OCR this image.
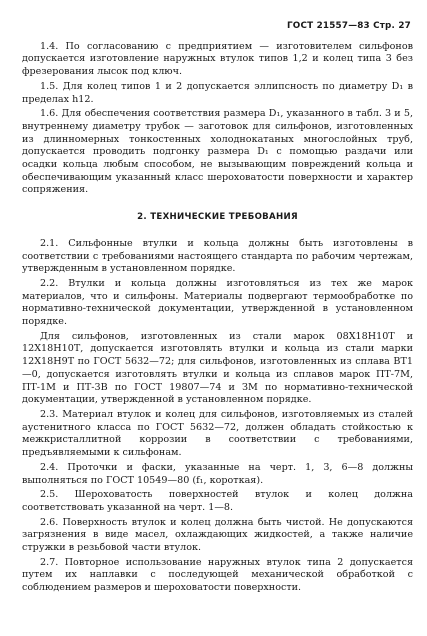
ГОСТ 21557—83 Стр. 27

1.4. По согласованию с предприятием — изготовителем сильфонов допускается изготовление наружных втулок типов 1,2 и колец типа 3 без фрезерования лысок под ключ.

1.5. Для колец типов 1 и 2 допускается эллипсность по диаметру D₁ в пределах h12.

1.6. Для обеспечения соответствия размера D₁, указанного в табл. 3 и 5, внутреннему диаметру трубок — заготовок для сильфонов, изготовленных из длинномерных тонкостенных холоднокатаных многослойных труб, допускается проводить подгонку размера D₁ с помощью раздачи или осадки кольца любым способом, не вызывающим повреждений кольца и обеспечивающим указанный класс шероховатости поверхности и характер сопряжения.

2. ТЕХНИЧЕСКИЕ ТРЕБОВАНИЯ

2.1. Сильфонные втулки и кольца должны быть изготовлены в соответствии с требованиями настоящего стандарта по рабочим чертежам, утвержденным в установленном порядке.

2.2. Втулки и кольца должны изготовляться из тех же марок материалов, что и сильфоны. Материалы подвергают термообработке по нормативно-технической документации, утвержденной в установленном порядке.

Для сильфонов, изготовленных из стали марок 08Х18Н10Т и 12Х18Н10Т, допускается изготовлять втулки и кольца из стали марки 12Х18Н9Т по ГОСТ 5632—72; для сильфонов, изготовленных из сплава ВТ1—0, допускается изготовлять втулки и кольца из сплавов марок ПТ-7М, ПТ-1М и ПТ-3В по ГОСТ 19807—74 и ЗМ по нормативно-технической документации, утвержденной в установленном порядке.

2.3. Материал втулок и колец для сильфонов, изготовляемых из сталей аустенитного класса по ГОСТ 5632—72, должен обладать стойкостью к межкристаллитной коррозии в соответствии с требованиями, предъявляемыми к сильфонам.

2.4. Проточки и фаски, указанные на черт. 1, 3, 6—8 должны выполняться по ГОСТ 10549—80 (f₁, короткая).

2.5. Шероховатость поверхностей втулок и колец должна соответствовать указанной на черт. 1—8.

2.6. Поверхность втулок и колец должна быть чистой. Не допускаются загрязнения в виде масел, охлаждающих жидкостей, а также наличие стружки в резьбовой части втулок.

2.7. Повторное использование наружных втулок типа 2 допускается путем их наплавки с последующей механической обработкой с соблюдением размеров и шероховатости поверхности.
